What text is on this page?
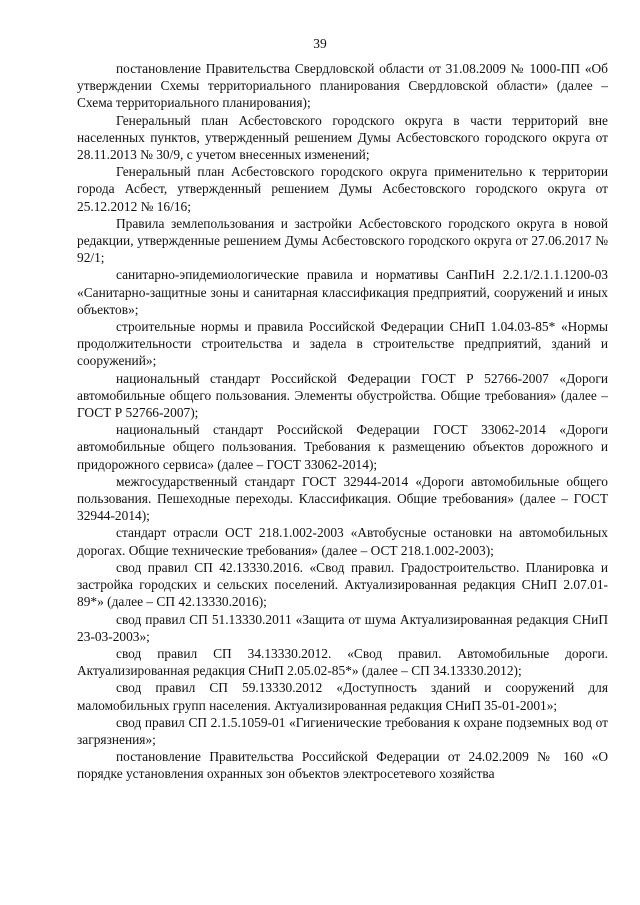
39

постановление Правительства Свердловской области от 31.08.2009 № 1000-ПП «Об утверждении Схемы территориального планирования Свердловской области» (далее – Схема территориального планирования);

Генеральный план Асбестовского городского округа в части территорий вне населенных пунктов, утвержденный решением Думы Асбестовского городского округа от 28.11.2013 № 30/9, с учетом внесенных изменений;

Генеральный план Асбестовского городского округа применительно к территории города Асбест, утвержденный решением Думы Асбестовского городского округа от 25.12.2012 № 16/16;

Правила землепользования и застройки Асбестовского городского округа в новой редакции, утвержденные решением Думы Асбестовского городского округа от 27.06.2017 № 92/1;

санитарно-эпидемиологические правила и нормативы СанПиН 2.2.1/2.1.1.1200-03 «Санитарно-защитные зоны и санитарная классификация предприятий, сооружений и иных объектов»;

строительные нормы и правила Российской Федерации СНиП 1.04.03-85* «Нормы продолжительности строительства и задела в строительстве предприятий, зданий и сооружений»;

национальный стандарт Российской Федерации ГОСТ Р 52766-2007 «Дороги автомобильные общего пользования. Элементы обустройства. Общие требования» (далее – ГОСТ Р 52766-2007);

национальный стандарт Российской Федерации ГОСТ 33062-2014 «Дороги автомобильные общего пользования. Требования к размещению объектов дорожного и придорожного сервиса» (далее – ГОСТ 33062-2014);

межгосударственный стандарт ГОСТ 32944-2014 «Дороги автомобильные общего пользования. Пешеходные переходы. Классификация. Общие требования» (далее – ГОСТ 32944-2014);

стандарт отрасли ОСТ 218.1.002-2003 «Автобусные остановки на автомобильных дорогах. Общие технические требования» (далее – ОСТ 218.1.002-2003);

свод правил СП 42.13330.2016. «Свод правил. Градостроительство. Планировка и застройка городских и сельских поселений. Актуализированная редакция СНиП 2.07.01-89*» (далее – СП 42.13330.2016);

свод правил СП 51.13330.2011 «Защита от шума Актуализированная редакция СНиП 23-03-2003»;

свод правил СП 34.13330.2012. «Свод правил. Автомобильные дороги. Актуализированная редакция СНиП 2.05.02-85*» (далее – СП 34.13330.2012);

свод правил СП 59.13330.2012 «Доступность зданий и сооружений для маломобильных групп населения. Актуализированная редакция СНиП 35-01-2001»;

свод правил СП 2.1.5.1059-01 «Гигиенические требования к охране подземных вод от загрязнения»;

постановление Правительства Российской Федерации от 24.02.2009 № 160 «О порядке установления охранных зон объектов электросетевого хозяйства
